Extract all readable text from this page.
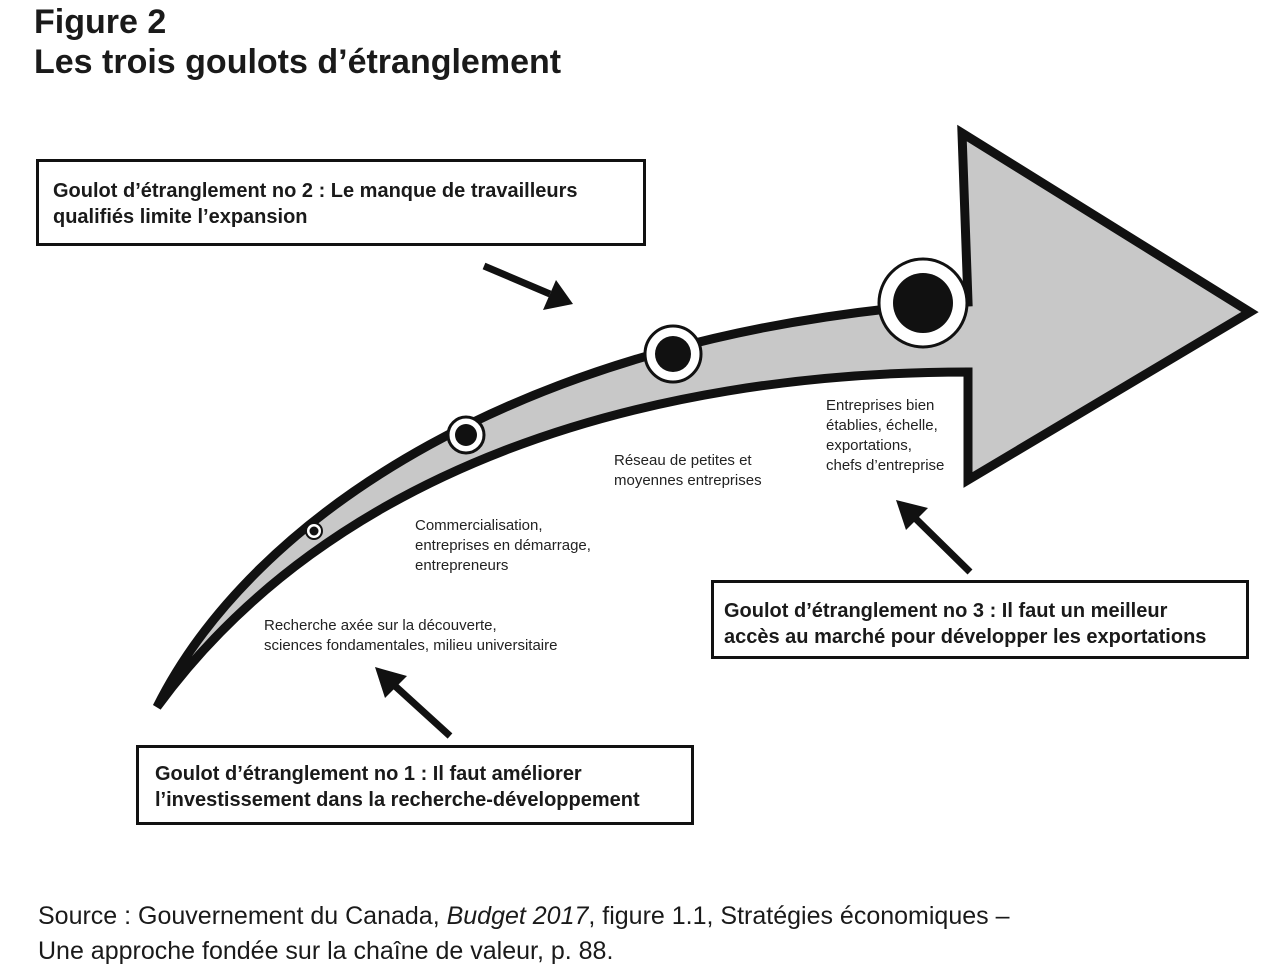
Figure 2
Les trois goulots d’étranglement
Goulot d’étranglement no 2 : Le manque de travailleurs
qualifiés limite l’expansion
Goulot d’étranglement no 3 : Il faut un meilleur
accès au marché pour développer les exportations
Goulot d’étranglement no 1 : Il faut améliorer
l’investissement dans la recherche-développement
Recherche axée sur la découverte,
sciences fondamentales, milieu universitaire
Commercialisation,
entreprises en démarrage,
entrepreneurs
Réseau de petites et
moyennes entreprises
Entreprises bien
établies, échelle,
exportations,
chefs d’entreprise

Source : Gouvernement du Canada, Budget 2017, figure 1.1, Stratégies économiques –
Une approche fondée sur la chaîne de valeur, p. 88.
